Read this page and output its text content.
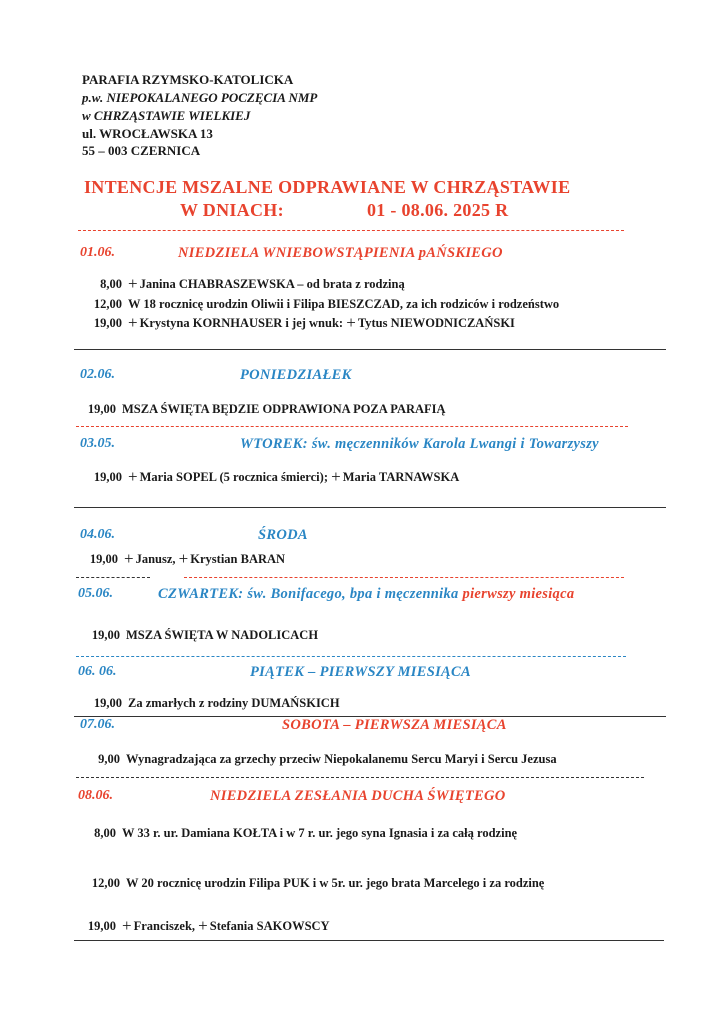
PARAFIA RZYMSKO-KATOLICKA
p.w. NIEPOKALANEGO POCZĘCIA NMP
w CHRZĄSTAWIE WIELKIEJ
ul. WROCŁAWSKA 13
55 – 003 CZERNICA
INTENCJE MSZALNE ODPRAWIANE W CHRZĄSTAWIE
W DNIACH:	01 - 08.06. 2025 R
01.06.	NIEDZIELA WNIEBOWSTĄPIENIA pAŃSKIEGO
8,00 + Janina CHABRASZEWSKA – od brata z rodziną
12,00 W 18 rocznicę urodzin Oliwii i Filipa BIESZCZAD, za ich rodziców i rodzeństwo
19,00 + Krystyna KORNHAUSER i jej wnuk: + Tytus NIEWODNICZAŃSKI
02.06.	PONIEDZIAŁEK
19,00 MSZA ŚWIĘTA BĘDZIE ODPRAWIONA POZA PARAFIĄ
03.05.	WTOREK: św. męczenników Karola Lwangi i Towarzyszy
19,00 + Maria SOPEL (5 rocznica śmierci); + Maria TARNAWSKA
04.06.	ŚRODA
19,00 + Janusz, + Krystian BARAN
05.06.	CZWARTEK: św. Bonifacego, bpa i męczennika pierwszy miesiąca
19,00 MSZA ŚWIĘTA W NADOLICACH
06. 06.	PIĄTEK – PIERWSZY MIESIĄCA
19,00 Za zmarłych z rodziny DUMAŃSKICH
07.06.	SOBOTA – PIERWSZA MIESIĄCA
9,00 Wynagradzająca za grzechy przeciw Niepokalanemu Sercu Maryi i Sercu Jezusa
08.06.	NIEDZIELA ZESŁANIA DUCHA ŚWIĘTEGO
8,00 W 33 r. ur. Damiana KOŁTA i w 7 r. ur. jego syna Ignasia i za całą rodzinę
12,00 W 20 rocznicę urodzin Filipa PUK i w 5r. ur. jego brata Marcelego i za rodzinę
19,00 + Franciszek, + Stefania SAKOWSCY
